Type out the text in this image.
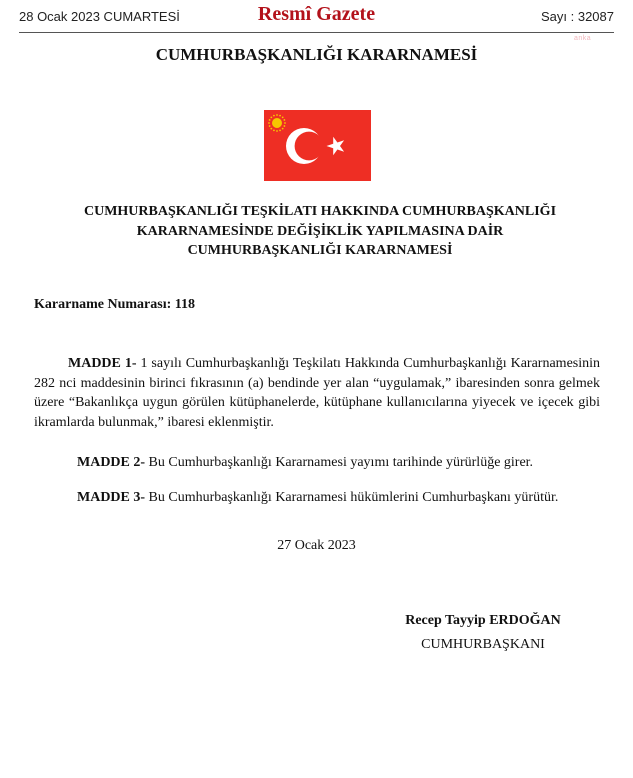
28 Ocak 2023 CUMARTESİ	Resmî Gazete	Sayı : 32087
anka
CUMHURBAŞKANLIĞI KARARNAMESİ
CUMHURBAŞKANLIĞI TEŞKİLATI HAKKINDA CUMHURBAŞKANLIĞI
KARARNAMESİNDE DEĞİŞİKLİK YAPILMASINA DAİR
CUMHURBAŞKANLIĞI KARARNAMESİ
Kararname Numarası: 118
MADDE 1- 1 sayılı Cumhurbaşkanlığı Teşkilatı Hakkında Cumhurbaşkanlığı Kararnamesinin 282 nci maddesinin birinci fıkrasının (a) bendinde yer alan “uygulamak,” ibaresinden sonra gelmek üzere “Bakanlıkça uygun görülen kütüphanelerde, kütüphane kullanıcılarına yiyecek ve içecek gibi ikramlarda bulunmak,” ibaresi eklenmiştir.
MADDE 2- Bu Cumhurbaşkanlığı Kararnamesi yayımı tarihinde yürürlüğe girer.
MADDE 3- Bu Cumhurbaşkanlığı Kararnamesi hükümlerini Cumhurbaşkanı yürütür.
27 Ocak 2023
Recep Tayyip ERDOĞAN
CUMHURBAŞKANI
